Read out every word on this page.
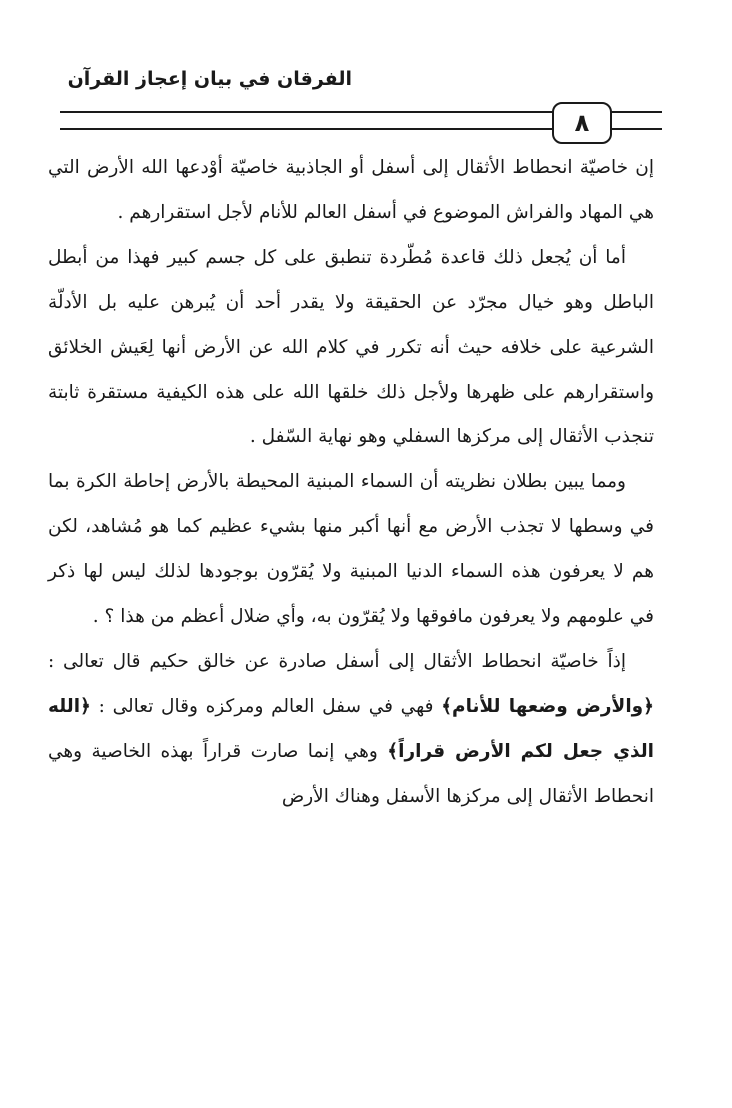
الفرقان في بيان إعجاز القرآن
٨

إن خاصيّة انحطاط الأثقال إلى أسفل أو الجاذبية خاصيّة أوْدعها الله الأرض التي هي المهاد والفراش الموضوع في أسفل العالم للأنام لأجل استقرارهم .

أما أن يُجعل ذلك قاعدة مُطّردة تنطبق على كل جسم كبير فهذا من أبطل الباطل وهو خيال مجرّد عن الحقيقة ولا يقدر أحد أن يُبرهن عليه بل الأدلّة الشرعية على خلافه حيث أنه تكرر في كلام الله عن الأرض أنها لِعَيش الخلائق واستقرارهم على ظهرها ولأجل ذلك خلقها الله على هذه الكيفية مستقرة ثابتة تنجذب الأثقال إلى مركزها السفلي وهو نهاية السّفل .

ومما يبين بطلان نظريته أن السماء المبنية المحيطة بالأرض إحاطة الكرة بما في وسطها لا تجذب الأرض مع أنها أكبر منها بشيء عظيم كما هو مُشاهد، لكن هم لا يعرفون هذه السماء الدنيا المبنية ولا يُقرّون بوجودها لذلك ليس لها ذكر في علومهم ولا يعرفون مافوقها ولا يُقرّون به، وأي ضلال أعظم من هذا ؟ .

إذاً خاصيّة انحطاط الأثقال إلى أسفل صادرة عن خالق حكيم قال تعالى : ﴿والأرض وضعها للأنام﴾ فهي في سفل العالم ومركزه وقال تعالى : ﴿الله الذي جعل لكم الأرض قراراً﴾ وهي إنما صارت قراراً بهذه الخاصية وهي انحطاط الأثقال إلى مركزها الأسفل وهناك الأرض
